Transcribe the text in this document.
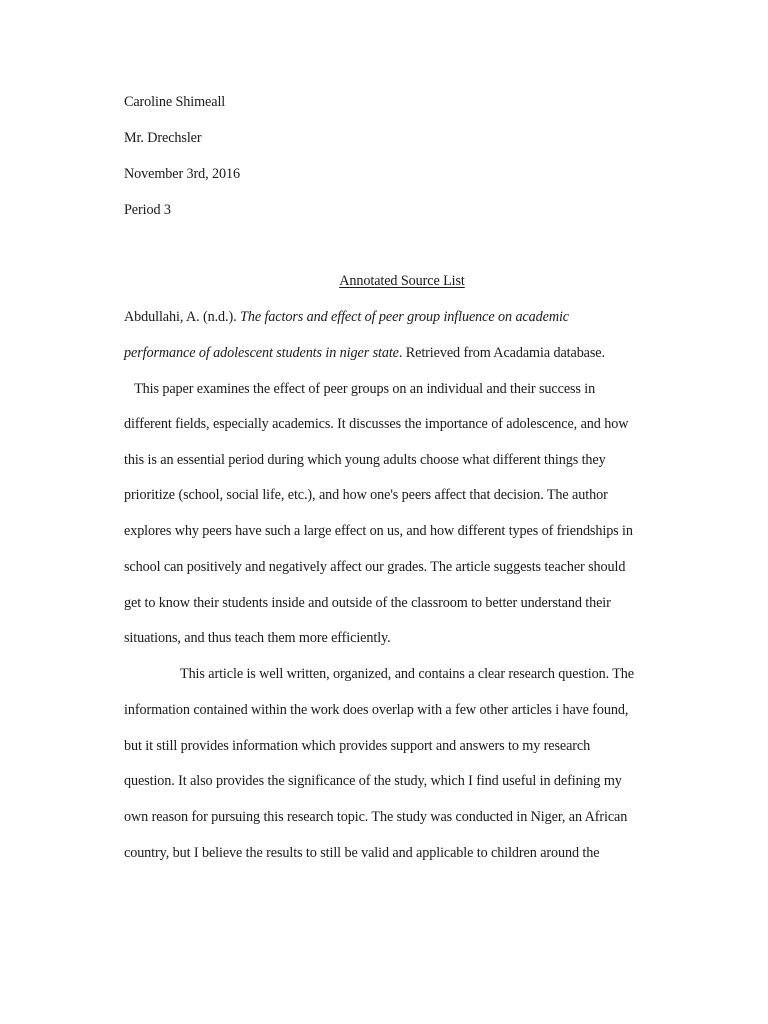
Caroline Shimeall
Mr. Drechsler
November 3rd, 2016
Period 3
Annotated Source List
Abdullahi, A. (n.d.). The factors and effect of peer group influence on academic
performance of adolescent students in niger state. Retrieved from Acadamia database.
This paper examines the effect of peer groups on an individual and their success in
different fields, especially academics. It discusses the importance of adolescence, and how
this is an essential period during which young adults choose what different things they
prioritize (school, social life, etc.), and how one's peers affect that decision. The author
explores why peers have such a large effect on us, and how different types of friendships in
school can positively and negatively affect our grades. The article suggests teacher should
get to know their students inside and outside of the classroom to better understand their
situations, and thus teach them more efficiently.
This article is well written, organized, and contains a clear research question. The
information contained within the work does overlap with a few other articles i have found,
but it still provides information which provides support and answers to my research
question. It also provides the significance of the study, which I find useful in defining my
own reason for pursuing this research topic. The study was conducted in Niger, an African
country, but I believe the results to still be valid and applicable to children around the
